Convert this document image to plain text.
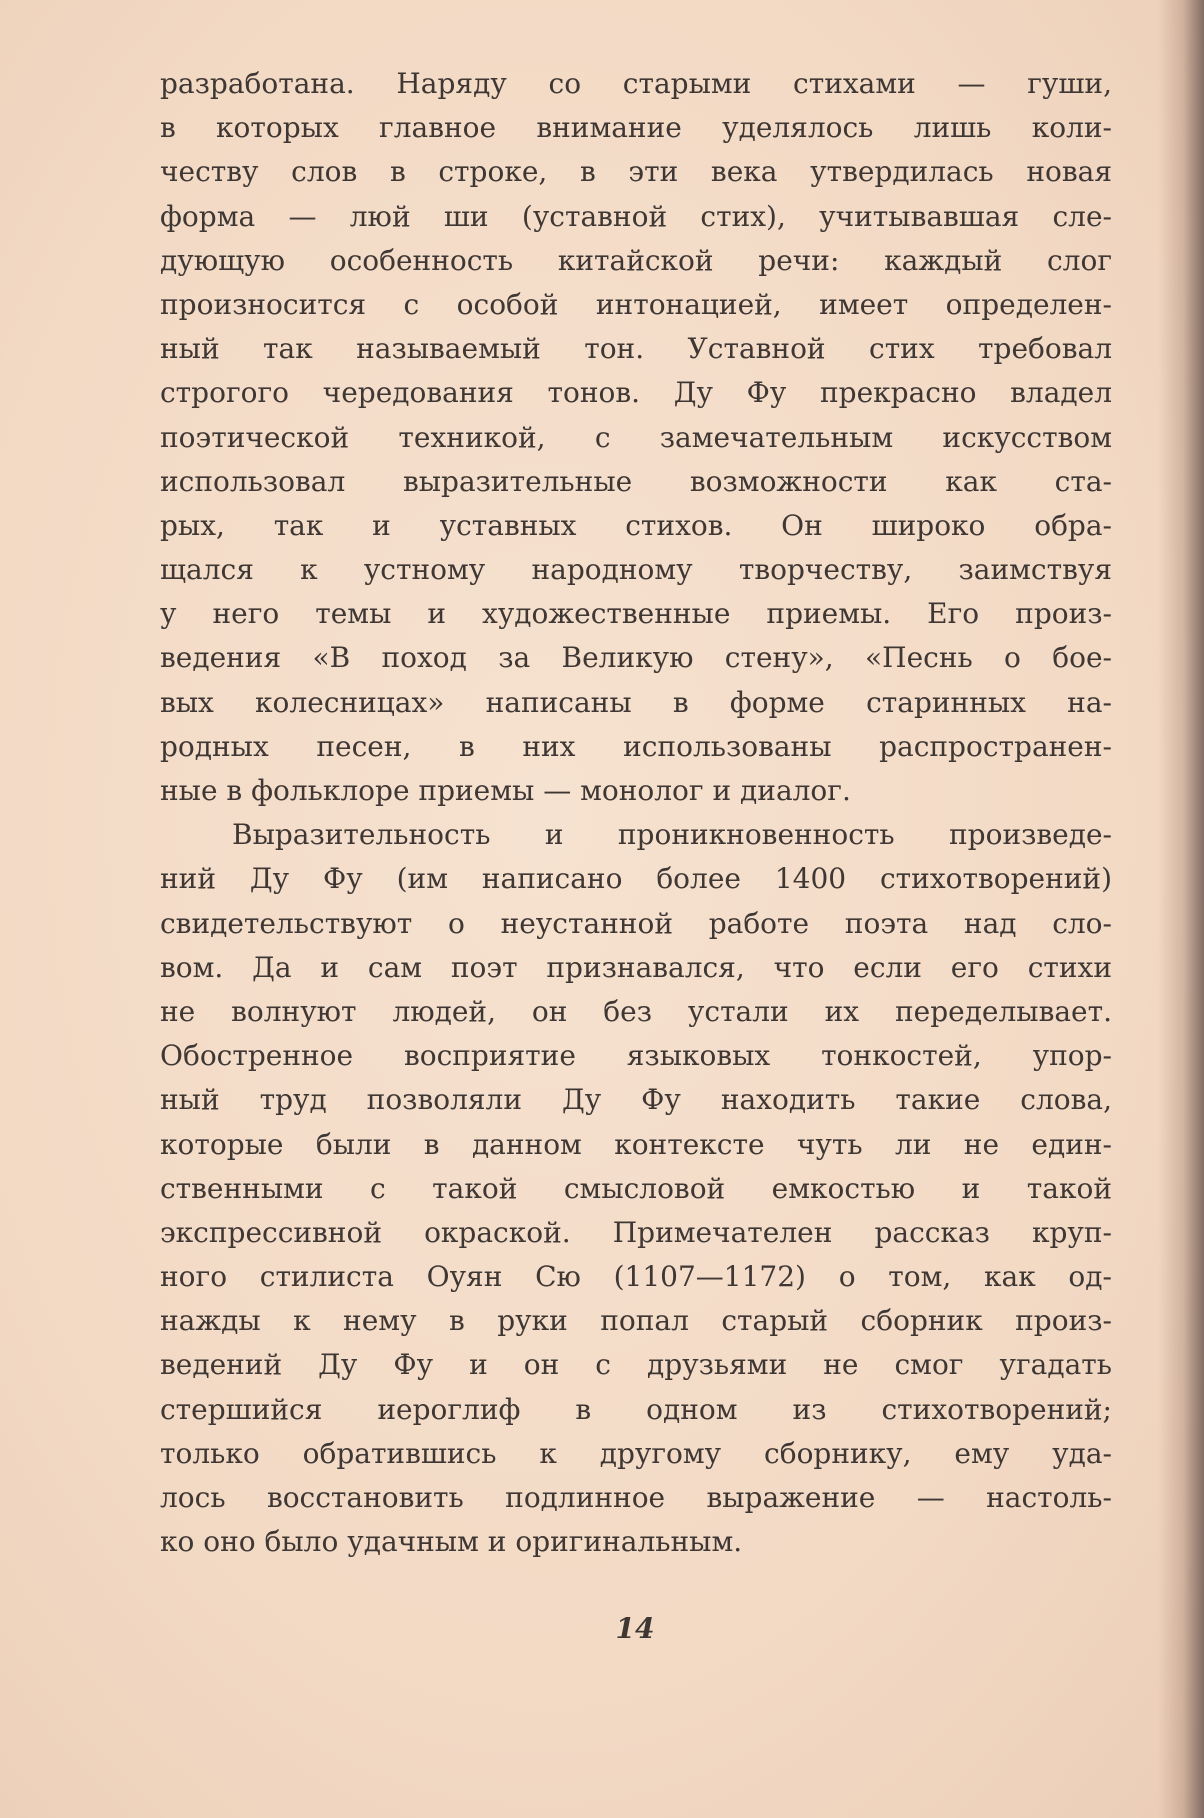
разработана. Наряду со старыми стихами — гуши,
в которых главное внимание уделялось лишь коли-
честву слов в строке, в эти века утвердилась новая
форма — люй ши (уставной стих), учитывавшая сле-
дующую особенность китайской речи: каждый слог
произносится с особой интонацией, имеет определен-
ный так называемый тон. Уставной стих требовал
строгого чередования тонов. Ду Фу прекрасно владел
поэтической техникой, с замечательным искусством
использовал выразительные возможности как ста-
рых, так и уставных стихов. Он широко обра-
щался к устному народному творчеству, заимствуя
у него темы и художественные приемы. Его произ-
ведения «В поход за Великую стену», «Песнь о бое-
вых колесницах» написаны в форме старинных на-
родных песен, в них использованы распространен-
ные в фольклоре приемы — монолог и диалог.
Выразительность и проникновенность произведе-
ний Ду Фу (им написано более 1400 стихотворений)
свидетельствуют о неустанной работе поэта над сло-
вом. Да и сам поэт признавался, что если его стихи
не волнуют людей, он без устали их переделывает.
Обостренное восприятие языковых тонкостей, упор-
ный труд позволяли Ду Фу находить такие слова,
которые были в данном контексте чуть ли не един-
ственными с такой смысловой емкостью и такой
экспрессивной окраской. Примечателен рассказ круп-
ного стилиста Оуян Сю (1107—1172) о том, как од-
нажды к нему в руки попал старый сборник произ-
ведений Ду Фу и он с друзьями не смог угадать
стершийся иероглиф в одном из стихотворений;
только обратившись к другому сборнику, ему уда-
лось восстановить подлинное выражение — настоль-
ко оно было удачным и оригинальным.
14
